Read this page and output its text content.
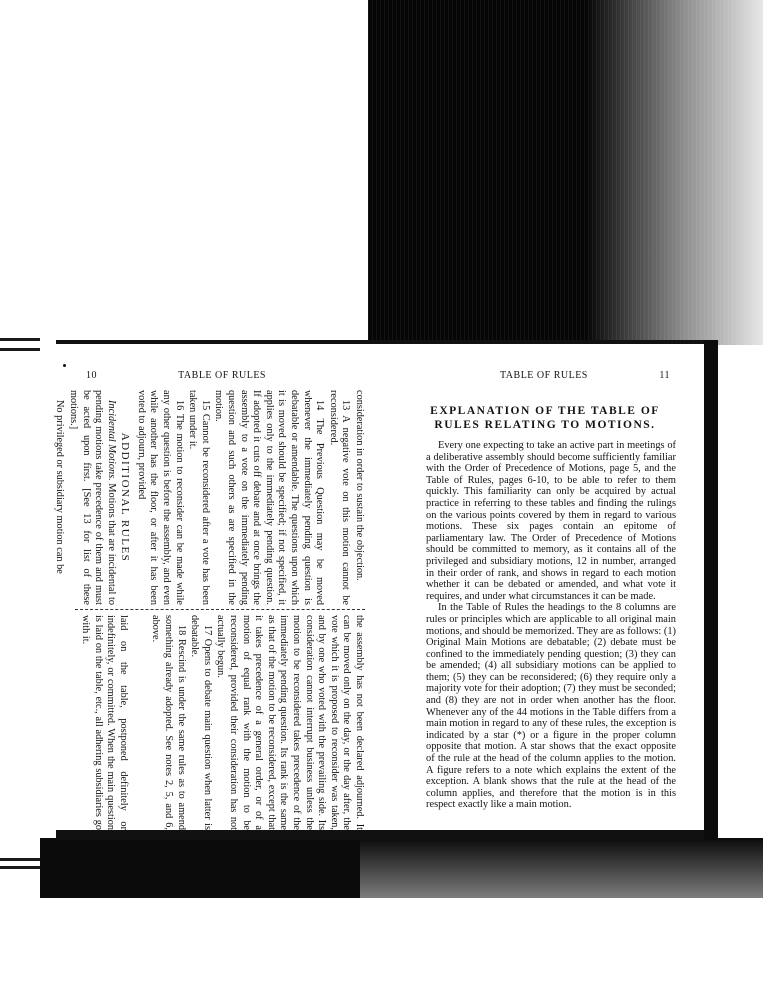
10	TABLE OF RULES

consideration in order to sustain the objection.

13 A negative vote on this motion cannot be reconsidered.

14 The Previous Question may be moved whenever the immediately pending question is debatable or amendable. The questions upon which it is moved should be specified; if not specified, it applies only to the immediately pending question. If adopted it cuts off debate and at once brings the assembly to a vote on the immediately pending question and such others as are specified in the motion.

15 Cannot be reconsidered after a vote has been taken under it.

16 The motion to reconsider can be made while any other question is before the assembly, and even while another has the floor, or after it has been voted to adjourn, provided

ADDITIONAL RULES

Incidental Motions. Motions that are incidental to pending motions take precedence of them and must be acted upon first. [See 13 for list of these motions.]

No privileged or subsidiary motion can be

the assembly has not been declared adjourned. It can be moved only on the day, or the day after, the vote which it is proposed to reconsider was taken, and by one who voted with the prevailing side. Its consideration cannot interrupt business unless the motion to be reconsidered takes precedence of the immediately pending question. Its rank is the same as that of the motion to be reconsidered, except that it takes precedence of a general order, or of a motion of equal rank with the motion to be reconsidered, provided their consideration has not actually begun.

17 Opens to debate main question when latter is debatable.

18 Rescind is under the same rules as to amend something already adopted. See notes 2, 5, and 6, above.

laid on the table, postponed definitely or indefinitely, or committed. When the main question is laid on the table, etc., all adhering subsidiaries go with it.

TABLE OF RULES	11
EXPLANATION OF THE TABLE OF
RULES RELATING TO MOTIONS.

Every one expecting to take an active part in meetings of a deliberative assembly should become sufficiently familiar with the Order of Precedence of Motions, page 5, and the Table of Rules, pages 6-10, to be able to refer to them quickly. This familiarity can only be acquired by actual practice in referring to these tables and finding the rulings on the various points covered by them in regard to various motions. These six pages contain an epitome of parliamentary law. The Order of Precedence of Motions should be committed to memory, as it contains all of the privileged and subsidiary motions, 12 in number, arranged in their order of rank, and shows in regard to each motion whether it can be debated or amended, and what vote it requires, and under what circumstances it can be made.

In the Table of Rules the headings to the 8 columns are rules or principles which are applicable to all original main motions, and should be memorized. They are as follows: (1) Original Main Motions are debatable; (2) debate must be confined to the immediately pending question; (3) they can be amended; (4) all subsidiary motions can be applied to them; (5) they can be reconsidered; (6) they require only a majority vote for their adoption; (7) they must be seconded; and (8) they are not in order when another has the floor. Whenever any of the 44 motions in the Table differs from a main motion in regard to any of these rules, the exception is indicated by a star (*) or a figure in the proper column opposite that motion. A star shows that the exact opposite of the rule at the head of the column applies to the motion. A figure refers to a note which explains the extent of the exception. A blank shows that the rule at the head of the column applies, and therefore that the motion is in this respect exactly like a main motion.
